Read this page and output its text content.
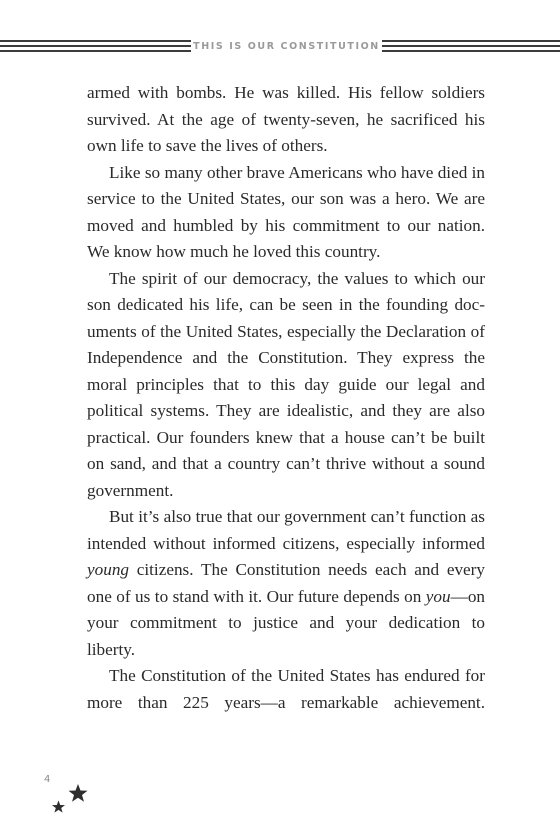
THIS IS OUR CONSTITUTION

armed with bombs. He was killed. His fellow soldiers survived. At the age of twenty-seven, he sacrificed his own life to save the lives of others.

Like so many other brave Americans who have died in service to the United States, our son was a hero. We are moved and humbled by his commitment to our nation. We know how much he loved this country.

The spirit of our democracy, the values to which our son dedicated his life, can be seen in the founding documents of the United States, especially the Declaration of Independence and the Constitution. They express the moral principles that to this day guide our legal and political systems. They are idealistic, and they are also practical. Our founders knew that a house can’t be built on sand, and that a country can’t thrive without a sound government.

But it’s also true that our government can’t function as intended without informed citizens, especially informed young citizens. The Constitution needs each and every one of us to stand with it. Our future depends on you—on your commitment to justice and your dedication to liberty.

The Constitution of the United States has endured for more than 225 years—a remarkable achievement.

4
